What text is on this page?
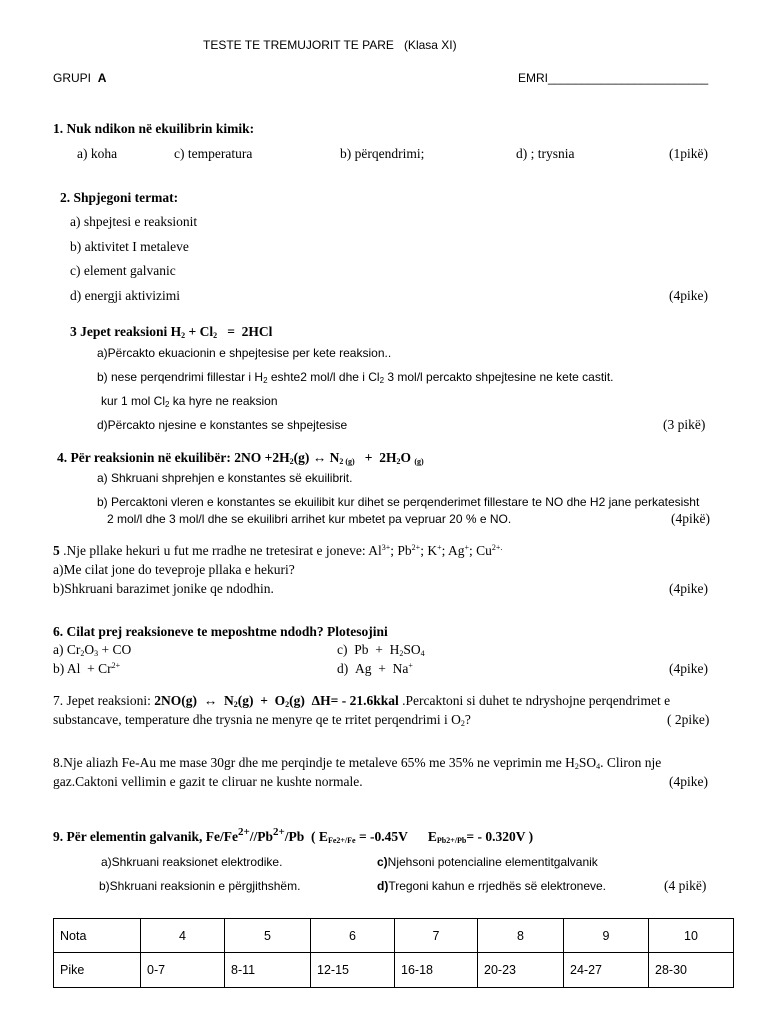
TESTE TE TREMUJORIT TE PARE (Klasa XI)
GRUPI A	EMRI________________________
1. Nuk ndikon në ekuilibrin kimik:
a) koha	c) temperatura	b) përqendrimi;	d) ; trysnia	(1pikë)
2. Shpjegoni termat:
a) shpejtesi e reaksionit
b) aktivitet I metaleve
c) element galvanic
d) energji aktivizimi	(4pike)
3 Jepet reaksioni $H_2 + Cl_2 = 2HCl$
a)Përcakto ekuacionin e shpejtesise per kete reaksion..
b) nese perqendrimi fillestar i $H_2$ eshte2 mol/l dhe i $Cl_2$ 3 mol/l percakto shpejtesine ne kete castit.
kur 1 mol $Cl_2$ ka hyre ne reaksion
d)Përcakto njesine e konstantes se shpejtesise	(3 pikë)
4. Për reaksionin në ekuilibër: $2NO +2H_2(g)$ ↔ $N_{2 (g)} + 2H_2O$ $_{(g)}$
a) Shkruani shprehjen e konstantes së ekuilibrit.
b) Percaktoni vleren e konstantes se ekuilibit kur dihet se perqenderimet fillestare te NO dhe H2 jane perkatesisht
2 mol/l dhe 3 mol/l dhe se ekuilibri arrihet kur mbetet pa vepruar 20 % e NO.	(4pikë)
5 .Nje pllake hekuri u fut me rradhe ne tretesirat e joneve: $Al^{3+}$; $Pb^{2+}$; K+; Ag+; $Cu^{2+.}$
a)Me cilat jone do teveproje pllaka e hekuri?
b)Shkruani barazimet jonike qe ndodhin.	(4pike)
6. Cilat prej reaksioneve te meposhtme ndodh? Plotesojini
a) $Cr_2O_3$ + CO	c)  $Pb + H_2SO_4$
b) $Al + Cr^{2+}$	d)  Ag  +  Na+	(4pike)
7. Jepet reaksioni: 2NO(g)  ↔  $N_2(g) + O_2(g)$  ΔH= - 21.6kkal .Percaktoni si duhet te ndryshojne perqendrimet e
substancave, temperature dhe trysnia ne menyre qe te rritet perqendrimi i $O_2$?	( 2pike)
8.Nje aliazh Fe-Au me mase 30gr dhe me perqindje te metaleve 65% me 35% ne veprimin me $H_2SO_4$. Cliron nje
gaz.Caktoni vellimin e gazit te cliruar ne kushte normale.	(4pike)
9. Për elementin galvanik, $Fe/Fe^{2+}//Pb^{2+}/Pb$  ( $E_{Fe2+/Fe} = -0.45V$      $E_{Pb2+/Pb}= - 0.320V$ )
a)Shkruani reaksionet elektrodike.	c)Njehsoni potencialine elementitgalvanik
b)Shkruani reaksionin e përgjithshëm.	d)Tregoni kahun e rrjedhës së elektroneve.	(4 pikë)
Nota	4	5	6	7	8	9	10
Pike	0-7	8-11	12-15	16-18	20-23	24-27	28-30
